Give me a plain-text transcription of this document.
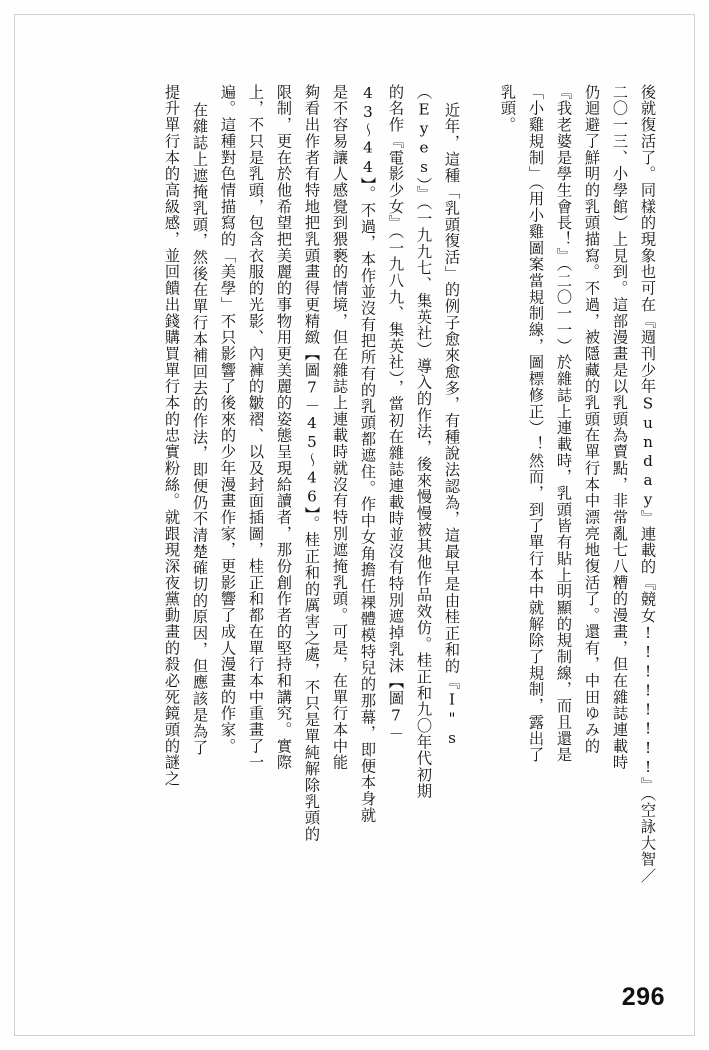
後就復活了。同樣的現象也可在『週刊少年Sunday』連載的『競女!!!!!!!!』（空詠大智／
二〇一三、小學館）上見到。這部漫畫是以乳頭為賣點，非常亂七八糟的漫畫，但在雜誌連載時
仍迴避了鮮明的乳頭描寫。不過，被隱藏的乳頭在單行本中漂亮地復活了。還有，中田ゆみ的
『我老婆是學生會長！』（二〇一一）於雜誌上連載時，乳頭皆有貼上明顯的規制線，而且還是
「小雞規制」（用小雞圖案當規制線，圖標修正）！然而，到了單行本中就解除了規制，露出了
乳頭。
近年，這種「乳頭復活」的例子愈來愈多，有種說法認為，這最早是由桂正和的『I"s
（Eyes）』（一九九七、集英社）導入的作法，後來慢慢被其他作品效仿。桂正和九〇年代初期
的名作『電影少女』（一九八九、集英社），當初在雜誌連載時並沒有特別遮掉乳沫【圖7－
43～44】。不過，本作並沒有把所有的乳頭都遮住。作中女角擔任裸體模特兒的那幕，即便本身就
是不容易讓人感覺到猥褻的情境，但在雜誌上連載時就沒有特別遮掩乳頭。可是，在單行本中能
夠看出作者有特地把乳頭畫得更精緻【圖7－45～46】。桂正和的厲害之處，不只是單純解除乳頭的
限制，更在於他希望把美麗的事物用更美麗的姿態呈現給讀者，那份創作者的堅持和講究。實際
上，不只是乳頭，包含衣服的光影、內褲的皺褶、以及封面插圖，桂正和都在單行本中重畫了一
遍。這種對色情描寫的「美學」不只影響了後來的少年漫畫作家，更影響了成人漫畫的作家。
在雜誌上遮掩乳頭，然後在單行本補回去的作法，即便仍不清楚確切的原因，但應該是為了
提升單行本的高級感，並回饋出錢購買單行本的忠實粉絲。就跟現深夜黨動畫的殺必死鏡頭的謎之
296
